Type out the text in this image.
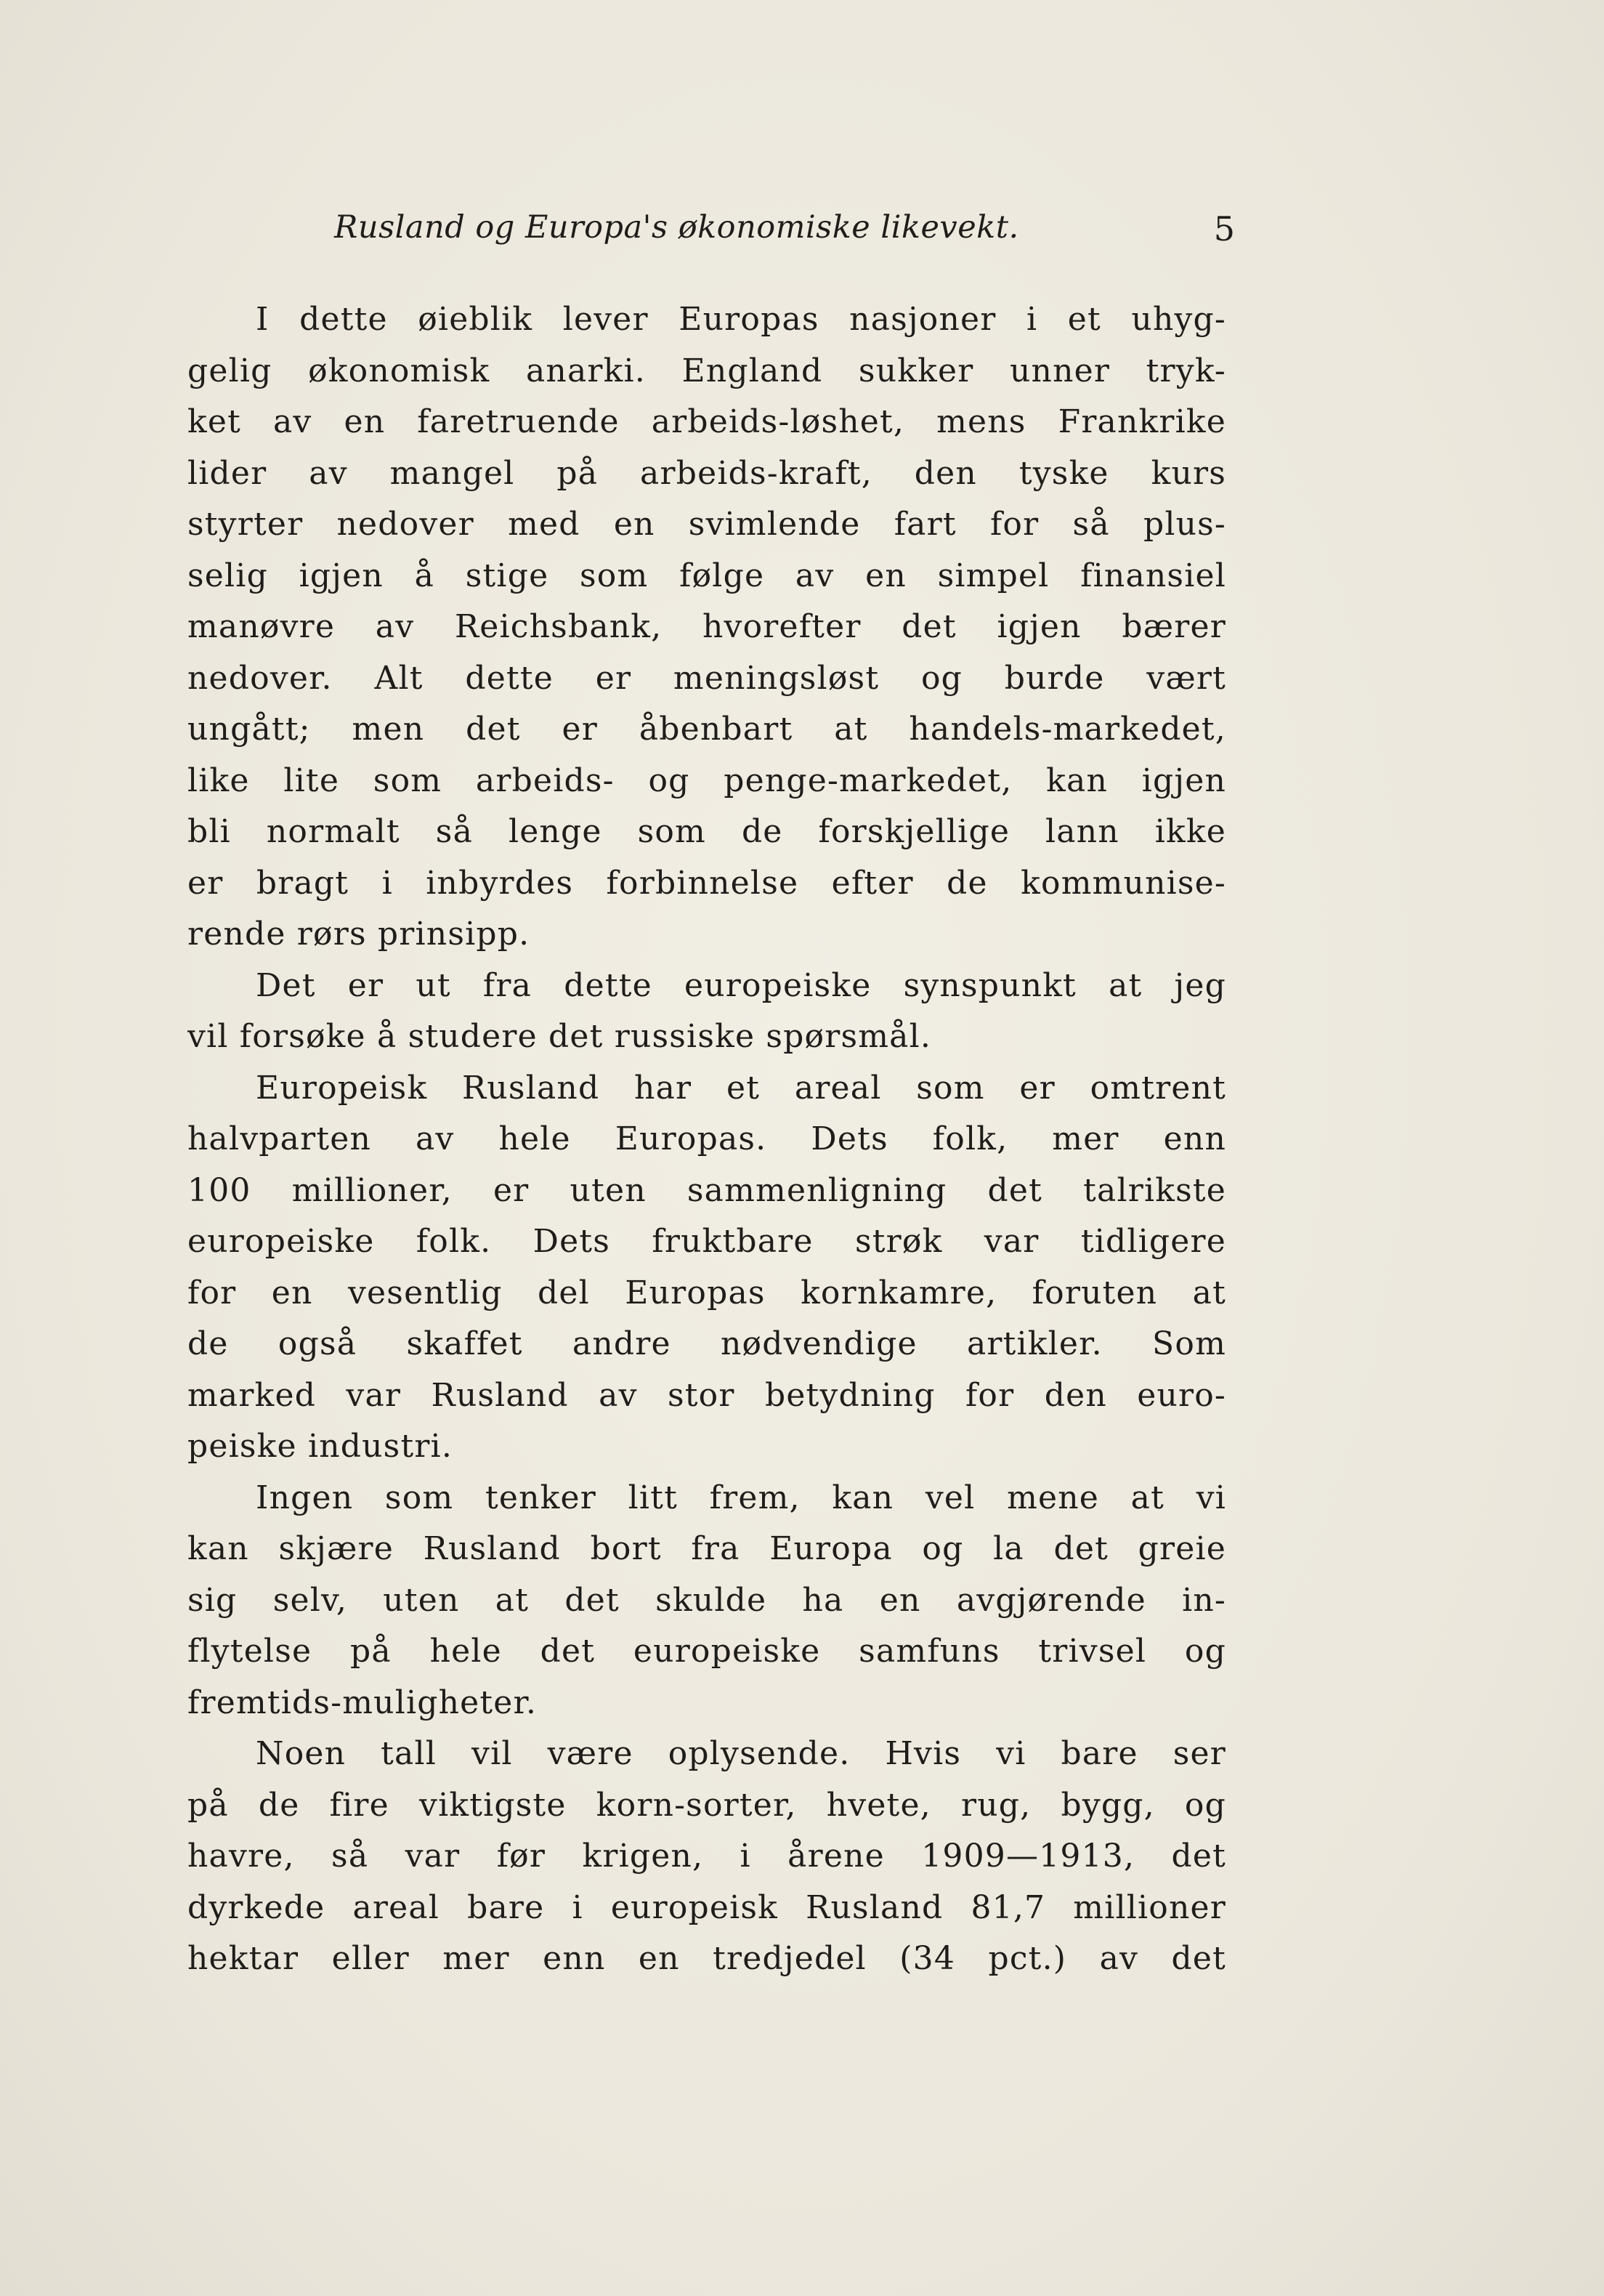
Rusland og Europa's økonomiske likevekt.	5
I dette øieblik lever Europas nasjoner i et uhyg-
gelig økonomisk anarki. England sukker unner tryk-
ket av en faretruende arbeids-løshet, mens Frankrike
lider av mangel på arbeids-kraft, den tyske kurs
styrter nedover med en svimlende fart for så plus-
selig igjen å stige som følge av en simpel finansiel
manøvre av Reichsbank, hvorefter det igjen bærer
nedover. Alt dette er meningsløst og burde vært
ungått; men det er åbenbart at handels-markedet,
like lite som arbeids- og penge-markedet, kan igjen
bli normalt så lenge som de forskjellige lann ikke
er bragt i inbyrdes forbinnelse efter de kommunise-
rende rørs prinsipp.
Det er ut fra dette europeiske synspunkt at jeg
vil forsøke å studere det russiske spørsmål.
Europeisk Rusland har et areal som er omtrent
halvparten av hele Europas. Dets folk, mer enn
100 millioner, er uten sammenligning det talrikste
europeiske folk. Dets fruktbare strøk var tidligere
for en vesentlig del Europas kornkamre, foruten at
de også skaffet andre nødvendige artikler. Som
marked var Rusland av stor betydning for den euro-
peiske industri.
Ingen som tenker litt frem, kan vel mene at vi
kan skjære Rusland bort fra Europa og la det greie
sig selv, uten at det skulde ha en avgjørende in-
flytelse på hele det europeiske samfuns trivsel og
fremtids-muligheter.
Noen tall vil være oplysende. Hvis vi bare ser
på de fire viktigste korn-sorter, hvete, rug, bygg, og
havre, så var før krigen, i årene 1909—1913, det
dyrkede areal bare i europeisk Rusland 81,7 millioner
hektar eller mer enn en tredjedel (34 pct.) av det
